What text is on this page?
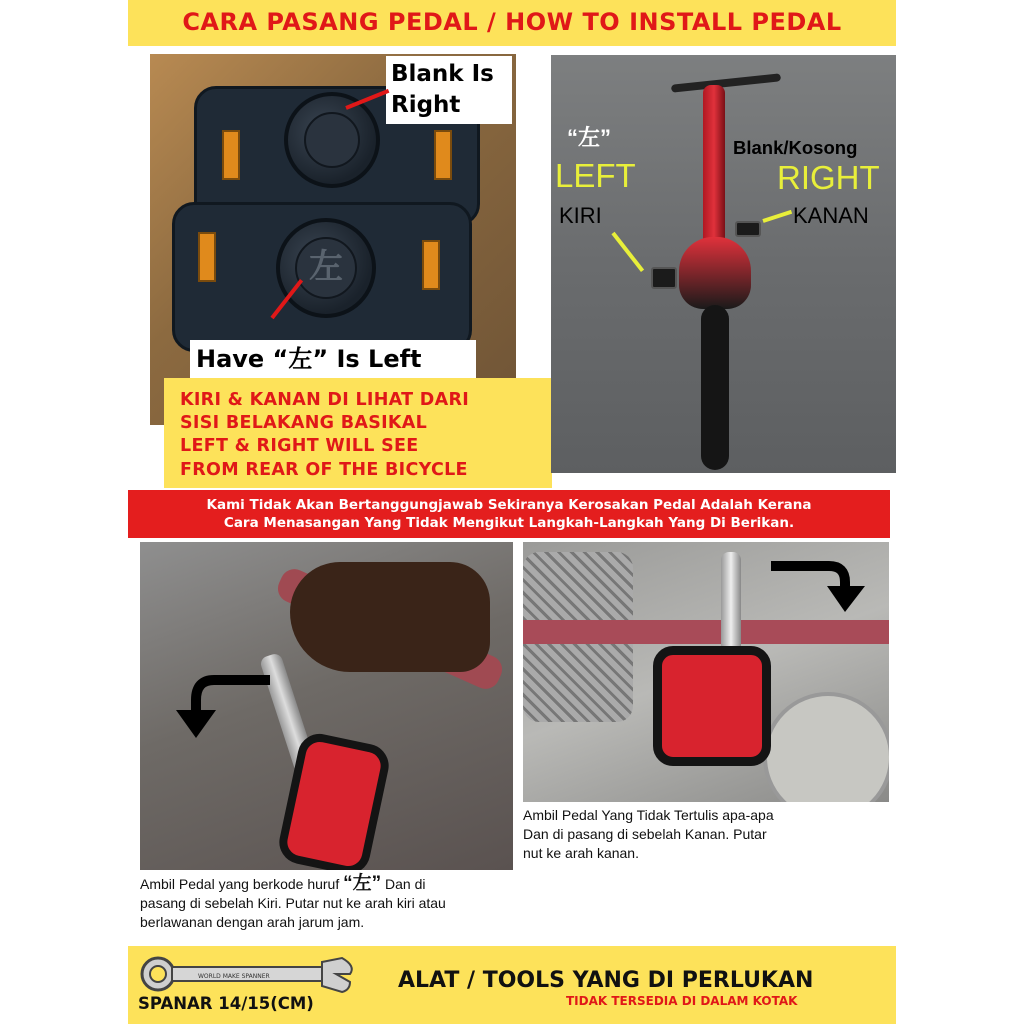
CARA PASANG PEDAL / HOW TO INSTALL PEDAL
左
Blank Is
Right
Have “左” Is Left
KIRI & KANAN DI LIHAT DARI
SISI BELAKANG BASIKAL
LEFT & RIGHT WILL SEE
FROM REAR OF THE BICYCLE
“左”
LEFT
KIRI
Blank/Kosong
RIGHT
KANAN
Kami Tidak Akan Bertanggungjawab Sekiranya Kerosakan Pedal Adalah Kerana
Cara Menasangan Yang Tidak Mengikut Langkah-Langkah Yang Di Berikan.
Ambil Pedal yang berkode huruf “左” Dan di
pasang di sebelah Kiri. Putar nut ke arah kiri atau
berlawanan dengan arah jarum jam.
Ambil Pedal Yang Tidak Tertulis apa-apa
Dan di pasang di sebelah Kanan. Putar
nut ke arah kanan.
WORLD MAKE SPANNER
SPANAR 14/15(CM)
ALAT / TOOLS YANG DI PERLUKAN
TIDAK TERSEDIA DI DALAM KOTAK
